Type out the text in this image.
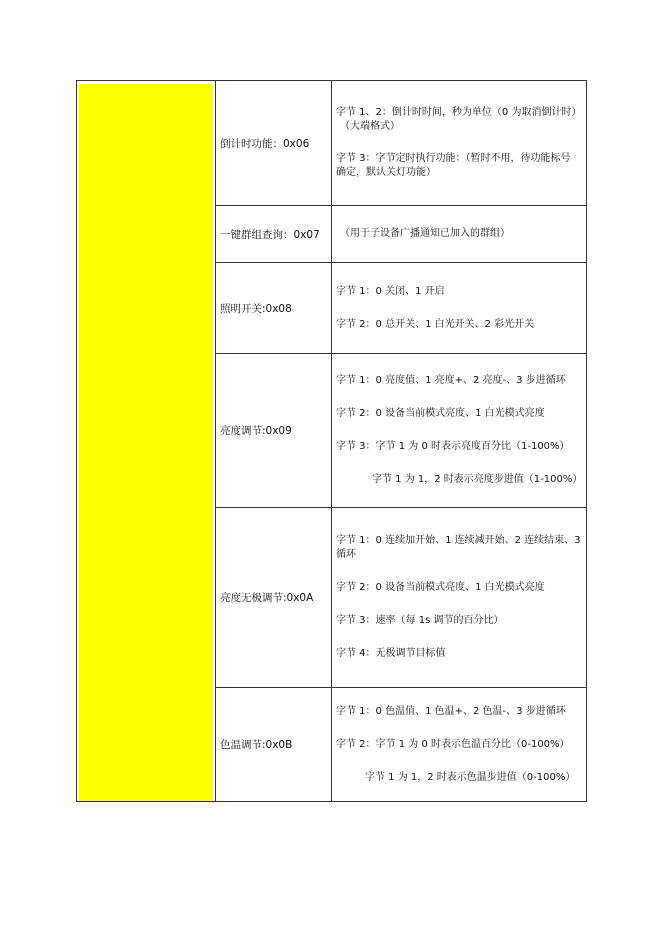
	倒计时功能：0x06	字节 1、2：倒计时时间，秒为单位（0 为取消倒计时）
（大端格式）
字节 3：字节定时执行功能：（暂时不用，待功能标号
确定，默认关灯功能）

	一键群组查询：0x07	（用于子设备广播通知已加入的群组）

	照明开关:0x08	字节 1：0 关闭、1 开启
字节 2：0 总开关、1 白光开关、2 彩光开关

	亮度调节:0x09	字节 1：0 亮度值、1 亮度+、2 亮度-、3 步进循环
字节 2：0 设备当前模式亮度、1 白光模式亮度
字节 3：字节 1 为 0 时表示亮度百分比（1-100%）
字节 1 为 1，2 时表示亮度步进值（1-100%）

	亮度无极调节:0x0A	字节 1：0 连续加开始、1 连续减开始、2 连续结束、3
循环
字节 2：0 设备当前模式亮度、1 白光模式亮度
字节 3：速率（每 1s 调节的百分比）
字节 4：无极调节目标值

	色温调节:0x0B	字节 1：0 色温值、1 色温+、2 色温-、3 步进循环
字节 2：字节 1 为 0 时表示色温百分比（0-100%）
字节 1 为 1，2 时表示色温步进值（0-100%）
